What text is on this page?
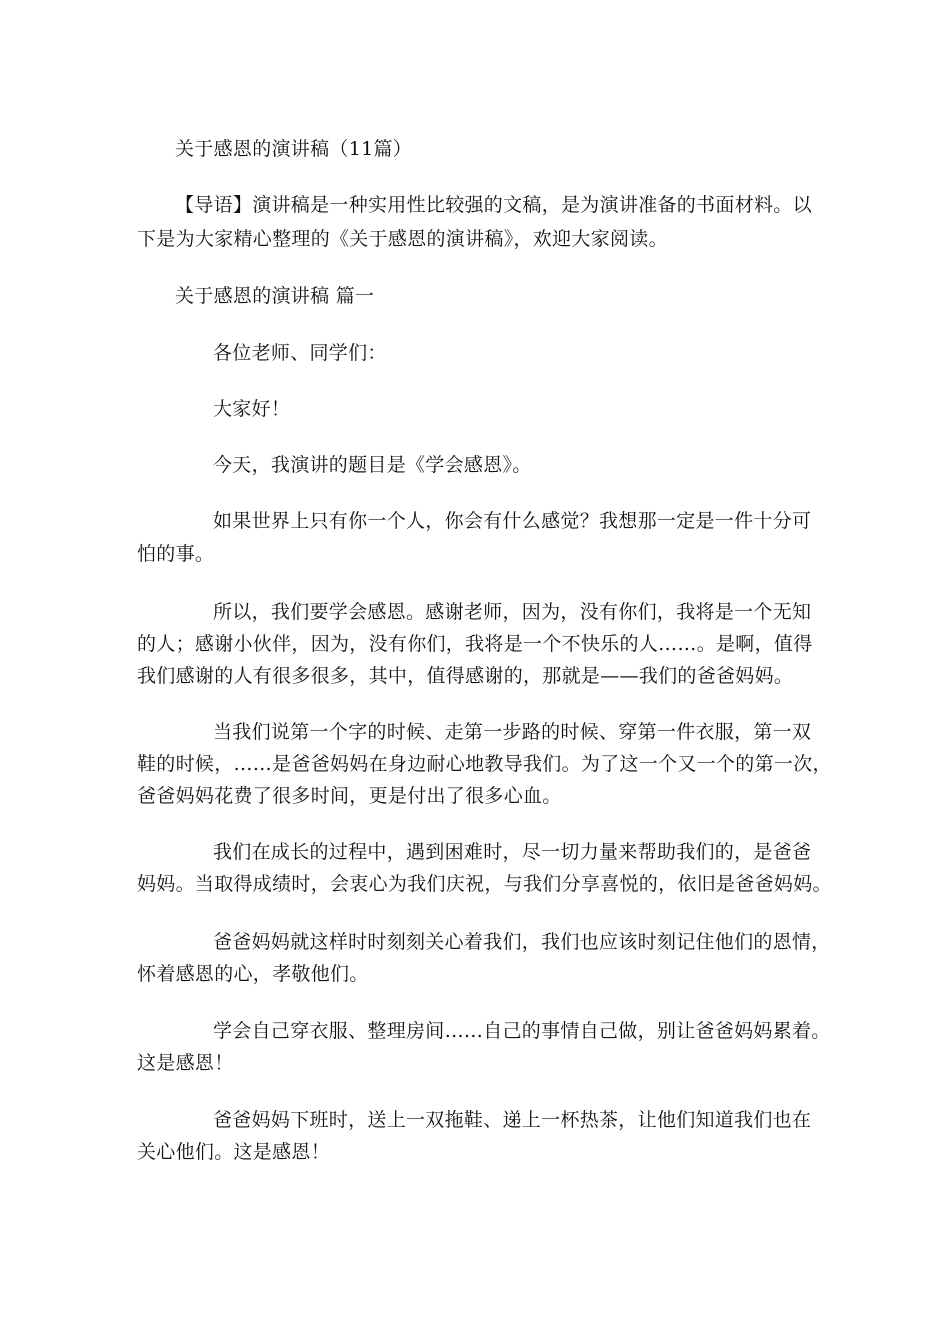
关于感恩的演讲稿（11篇）
【导语】演讲稿是一种实用性比较强的文稿，是为演讲准备的书面材料。以
下是为大家精心整理的《关于感恩的演讲稿》，欢迎大家阅读。
关于感恩的演讲稿 篇一
各位老师、同学们：
大家好！
今天，我演讲的题目是《学会感恩》。
如果世界上只有你一个人，你会有什么感觉？我想那一定是一件十分可
怕的事。
所以，我们要学会感恩。感谢老师，因为，没有你们，我将是一个无知
的人；感谢小伙伴，因为，没有你们，我将是一个不快乐的人……。是啊，值得
我们感谢的人有很多很多，其中，值得感谢的，那就是——我们的爸爸妈妈。
当我们说第一个字的时候、走第一步路的时候、穿第一件衣服，第一双
鞋的时候，……是爸爸妈妈在身边耐心地教导我们。为了这一个又一个的第一次，
爸爸妈妈花费了很多时间，更是付出了很多心血。
我们在成长的过程中，遇到困难时，尽一切力量来帮助我们的，是爸爸
妈妈。当取得成绩时，会衷心为我们庆祝，与我们分享喜悦的，依旧是爸爸妈妈。
爸爸妈妈就这样时时刻刻关心着我们，我们也应该时刻记住他们的恩情，
怀着感恩的心，孝敬他们。
学会自己穿衣服、整理房间……自己的事情自己做，别让爸爸妈妈累着。
这是感恩！
爸爸妈妈下班时，送上一双拖鞋、递上一杯热茶，让他们知道我们也在
关心他们。这是感恩！
